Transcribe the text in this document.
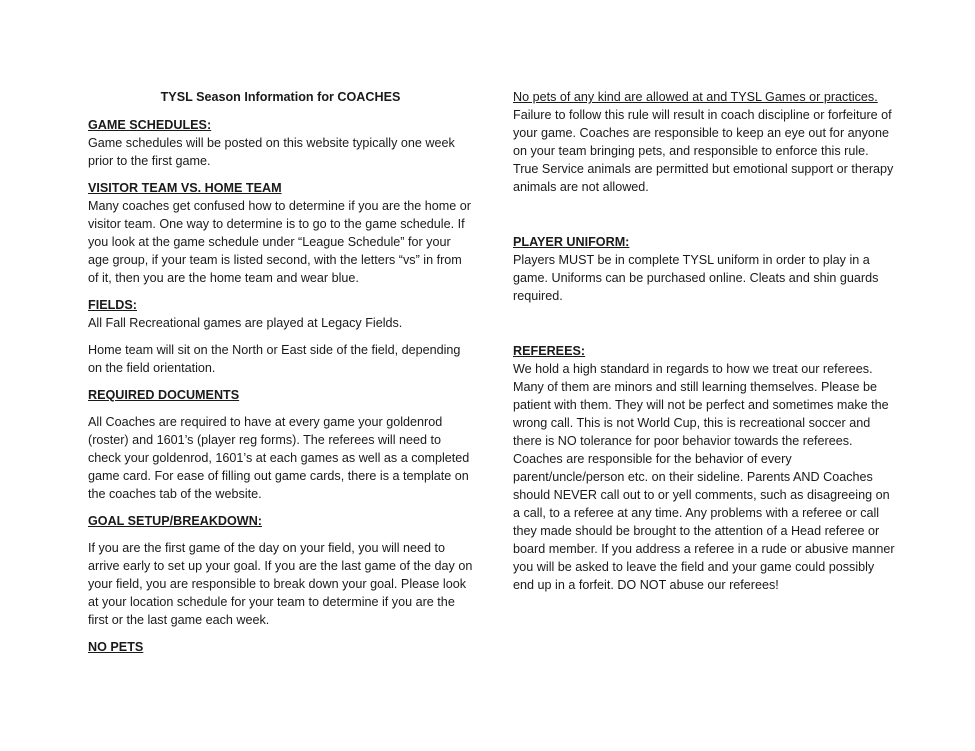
TYSL Season Information for COACHES

GAME SCHEDULES:

Game schedules will be posted on this website typically one week prior to the first game.

VISITOR TEAM VS. HOME TEAM

Many coaches get confused how to determine if you are the home or visitor team. One way to determine is to go to the game schedule. If you look at the game schedule under “League Schedule” for your age group, if your team is listed second, with the letters “vs” in from of it, then you are the home team and wear blue.

FIELDS:

All Fall Recreational games are played at Legacy Fields.

Home team will sit on the North or East side of the field, depending on the field orientation.

REQUIRED DOCUMENTS

All Coaches are required to have at every game your goldenrod (roster) and 1601’s (player reg forms). The referees will need to check your goldenrod, 1601’s at each games as well as a completed game card. For ease of filling out game cards, there is a template on the coaches tab of the website.

GOAL SETUP/BREAKDOWN:

If you are the first game of the day on your field, you will need to arrive early to set up your goal. If you are the last game of the day on your field, you are responsible to break down your goal. Please look at your location schedule for your team to determine if you are the first or the last game each week.

NO PETS

No pets of any kind are allowed at and TYSL Games or practices.

Failure to follow this rule will result in coach discipline or forfeiture of your game. Coaches are responsible to keep an eye out for anyone on your team bringing pets, and responsible to enforce this rule. True Service animals are permitted but emotional support or therapy animals are not allowed.

PLAYER UNIFORM:

Players MUST be in complete TYSL uniform in order to play in a game. Uniforms can be purchased online. Cleats and shin guards required.

REFEREES:

We hold a high standard in regards to how we treat our referees. Many of them are minors and still learning themselves. Please be patient with them. They will not be perfect and sometimes make the wrong call. This is not World Cup, this is recreational soccer and there is NO tolerance for poor behavior towards the referees. Coaches are responsible for the behavior of every parent/uncle/person etc. on their sideline. Parents AND Coaches should NEVER call out to or yell comments, such as disagreeing on a call, to a referee at any time. Any problems with a referee or call they made should be brought to the attention of a Head referee or board member. If you address a referee in a rude or abusive manner you will be asked to leave the field and your game could possibly end up in a forfeit. DO NOT abuse our referees!
